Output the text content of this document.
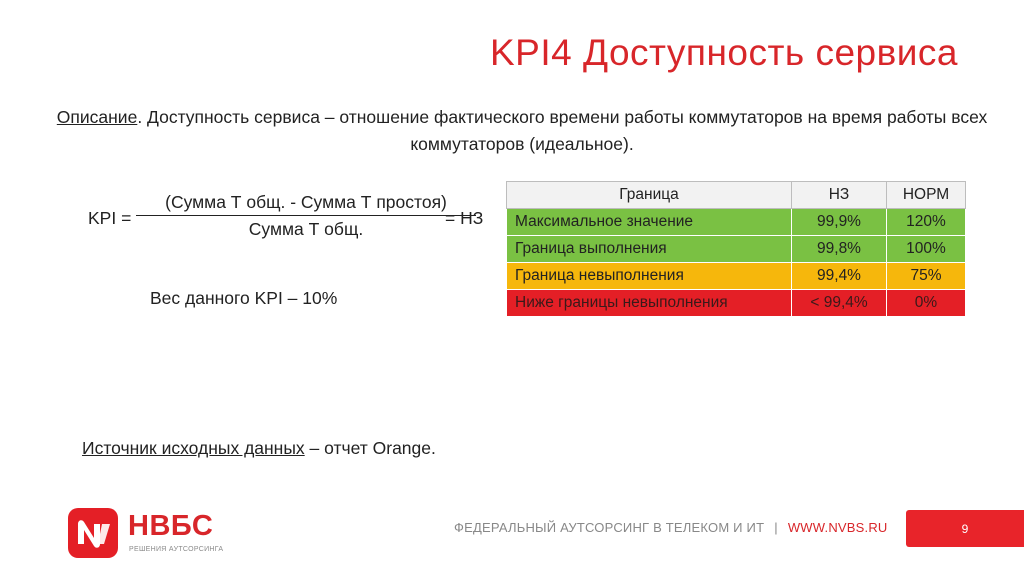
KPI4 Доступность сервиса
Описание. Доступность сервиса – отношение фактического времени работы коммутаторов на время работы всех коммутаторов (идеальное).
KPI =
(Сумма Т общ. - Сумма Т простоя)
Сумма Т общ.
= НЗ
Вес данного KPI – 10%
Граница	НЗ	НОРМ
Максимальное значение	99,9%	120%
Граница выполнения	99,8%	100%
Граница невыполнения	99,4%	75%
Ниже границы невыполнения	< 99,4%	0%
Источник исходных данных – отчет Orange.
НВБС
РЕШЕНИЯ АУТСОРСИНГА
ФЕДЕРАЛЬНЫЙ АУТСОРСИНГ В ТЕЛЕКОМ И ИТ | WWW.NVBS.RU	9
